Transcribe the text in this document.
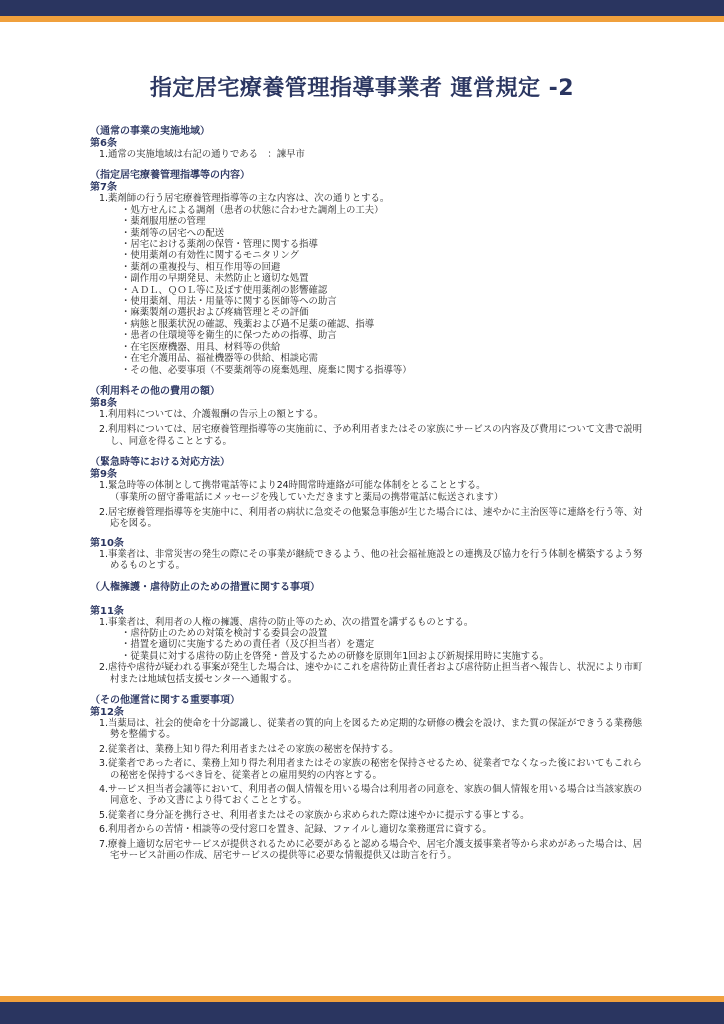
指定居宅療養管理指導事業者 運営規定 -2
（通常の事業の実施地域）
第6条
1.通常の実施地域は右記の通りである　：諫早市
（指定居宅療養管理指導等の内容）
第7条
1.薬剤師の行う居宅療養管理指導等の主な内容は、次の通りとする。
・処方せんによる調剤（患者の状態に合わせた調剤上の工夫）
・薬剤服用歴の管理
・薬剤等の居宅への配送
・居宅における薬剤の保管・管理に関する指導
・使用薬剤の有効性に関するモニタリング
・薬剤の重複投与、相互作用等の回避
・副作用の早期発見、未然防止と適切な処置
・ＡＤＬ、ＱＯＬ等に及ぼす使用薬剤の影響確認
・使用薬剤、用法・用量等に関する医師等への助言
・麻薬製剤の選択および疼痛管理とその評価
・病態と服薬状況の確認、残薬および過不足薬の確認、指導
・患者の住環境等を衛生的に保つための指導、助言
・在宅医療機器、用具、材料等の供給
・在宅介護用品、福祉機器等の供給、相談応需
・その他、必要事項（不要薬剤等の廃棄処理、廃棄に関する指導等）
（利用料その他の費用の額）
第8条
1.利用料については、介護報酬の告示上の額とする。
2.利用料については、居宅療養管理指導等の実施前に、予め利用者またはその家族にサービスの内容及び費用について文書で説明し、同意を得ることとする。
（緊急時等における対応方法）
第9条
1.緊急時等の体制として携帯電話等により24時間常時連絡が可能な体制をとることとする。
（事業所の留守番電話にメッセージを残していただきますと薬局の携帯電話に転送されます）
2.居宅療養管理指導等を実施中に、利用者の病状に急変その他緊急事態が生じた場合には、速やかに主治医等に連絡を行う等、対応を図る。
第10条
1.事業者は、非常災害の発生の際にその事業が継続できるよう、他の社会福祉施設との連携及び協力を行う体制を構築するよう努めるものとする。
（人権擁護・虐待防止のための措置に関する事項）
第11条
1.事業者は、利用者の人権の擁護、虐待の防止等のため、次の措置を講ずるものとする。
・虐待防止のための対策を検討する委員会の設置
・措置を適切に実施するための責任者（及び担当者）を選定
・従業員に対する虐待の防止を啓発・普及するための研修を原則年1回および新規採用時に実施する。
2.虐待や虐待が疑われる事案が発生した場合は、速やかにこれを虐待防止責任者および虐待防止担当者へ報告し、状況により市町村または地域包括支援センターへ通報する。
（その他運営に関する重要事項）
第12条
1.当薬局は、社会的使命を十分認識し、従業者の質的向上を図るため定期的な研修の機会を設け、また質の保証ができうる業務態勢を整備する。
2.従業者は、業務上知り得た利用者またはその家族の秘密を保持する。
3.従業者であった者に、業務上知り得た利用者またはその家族の秘密を保持させるため、従業者でなくなった後においてもこれらの秘密を保持するべき旨を、従業者との雇用契約の内容とする。
4.サービス担当者会議等において、利用者の個人情報を用いる場合は利用者の同意を、家族の個人情報を用いる場合は当該家族の同意を、予め文書により得ておくこととする。
5.従業者に身分証を携行させ、利用者またはその家族から求められた際は速やかに提示する事とする。
6.利用者からの苦情・相談等の受付窓口を置き、記録、ファイルし適切な業務運営に資する。
7.療養上適切な居宅サービスが提供されるために必要があると認める場合や、居宅介護支援事業者等から求めがあった場合は、居宅サービス計画の作成、居宅サービスの提供等に必要な情報提供又は助言を行う。
